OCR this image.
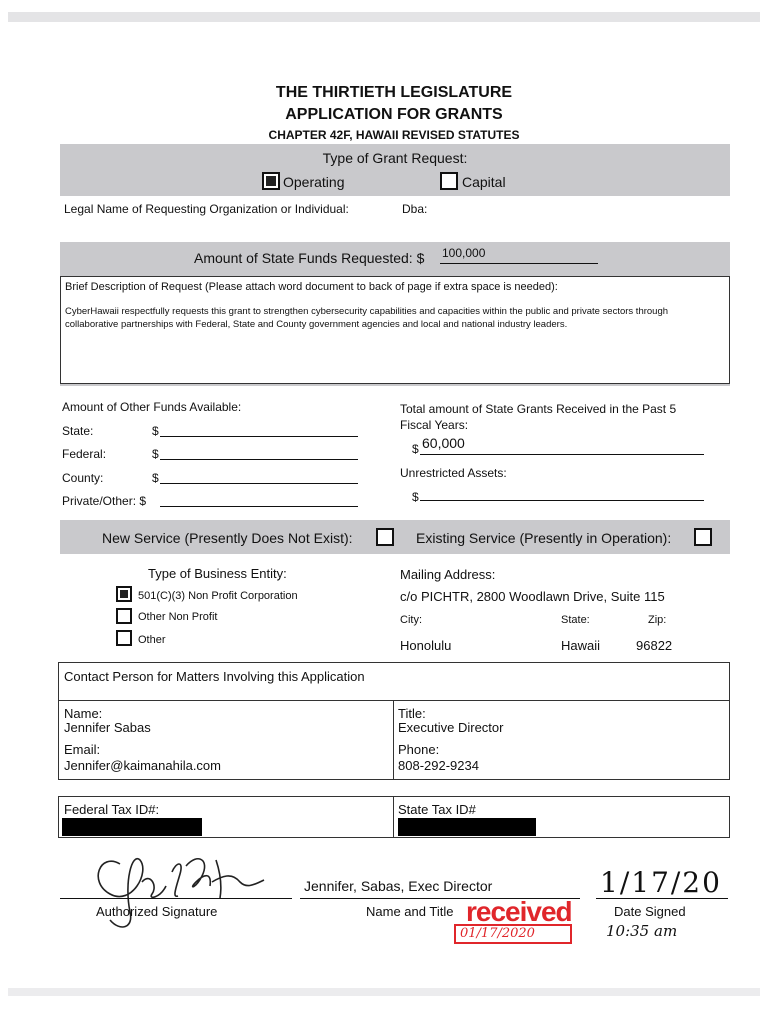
THE THIRTIETH LEGISLATURE
APPLICATION FOR GRANTS
CHAPTER 42F, HAWAII REVISED STATUTES
Type of Grant Request:
Operating	Capital
Legal Name of Requesting Organization or Individual:	Dba:
Amount of State Funds Requested: $ 100,000
Brief Description of Request (Please attach word document to back of page if extra space is needed):
CyberHawaii respectfully requests this grant to strengthen cybersecurity capabilities and capacities within the public and private sectors through collaborative partnerships with Federal, State and County government agencies and local and national industry leaders.
Amount of Other Funds Available:
State:	$
Federal:	$
County:	$
Private/Other: $
Total amount of State Grants Received in the Past 5
Fiscal Years:
$ 60,000
Unrestricted Assets:
$
New Service (Presently Does Not Exist):	Existing Service (Presently in Operation):
Type of Business Entity:
501(C)(3) Non Profit Corporation
Other Non Profit
Other
Mailing Address:
c/o PICHTR, 2800 Woodlawn Drive, Suite 115
City:	State:	Zip:
Honolulu	Hawaii	96822
Contact Person for Matters Involving this Application
Name:
Jennifer Sabas
Title:
Executive Director
Email:
Jennifer@kaimanahila.com
Phone:
808-292-9234
Federal Tax ID#:	State Tax ID#
Authorized Signature
Jennifer, Sabas, Exec Director
Name and Title
1/17/20
Date Signed
10:35 am
received
01/17/2020
